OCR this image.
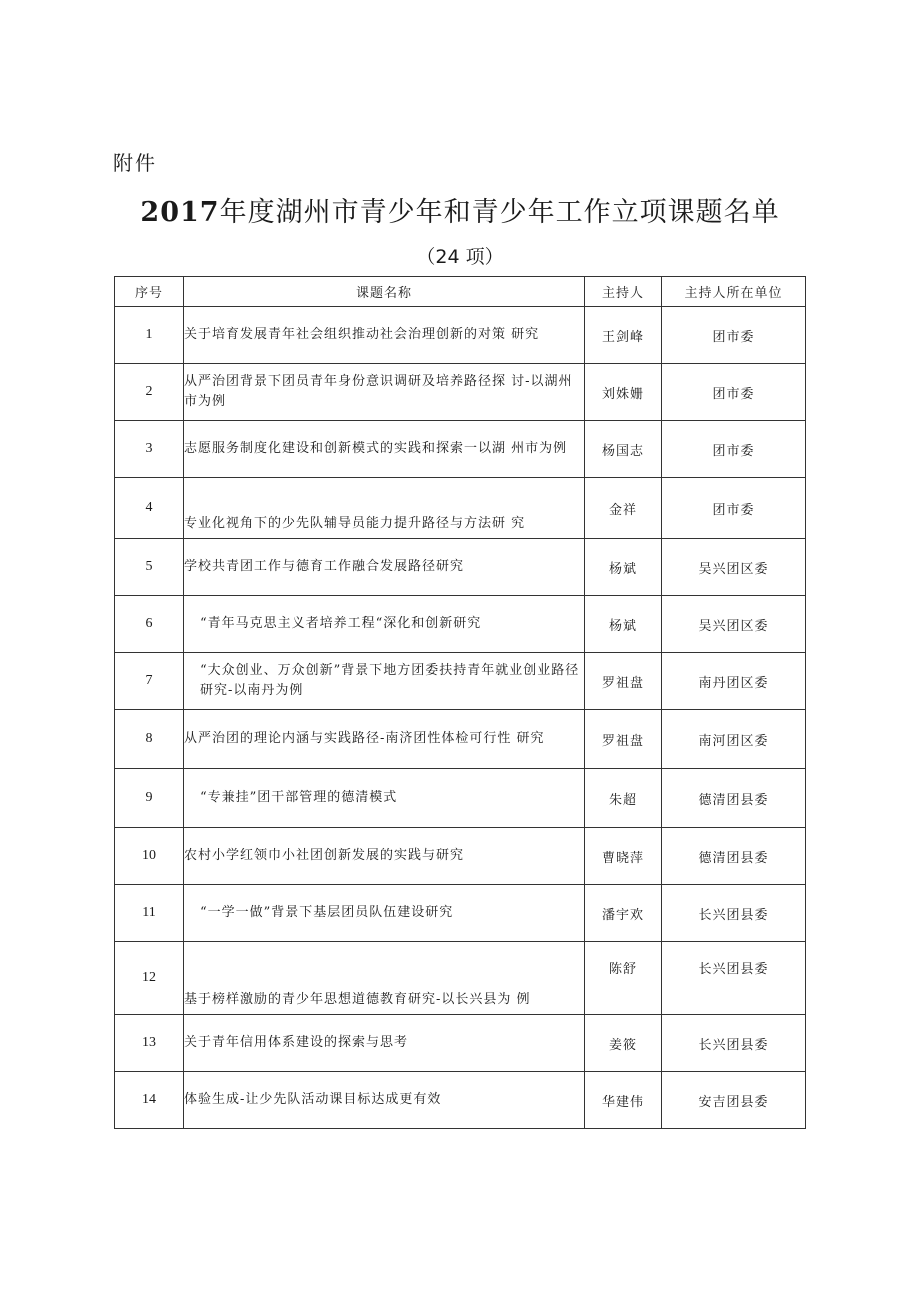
附件
2017年度湖州市青少年和青少年工作立项课题名单
（24 项）
序号	课题名称	主持人	主持人所在单位
1	关于培育发展青年社会组织推动社会治理创新的对策 研究	王剑峰	团市委
2	从严治团背景下团员青年身份意识调研及培养路径探 讨-以湖州市为例	刘姝姗	团市委
3	志愿服务制度化建设和创新模式的实践和探索一以湖 州市为例	杨国志	团市委
4	专业化视角下的少先队辅导员能力提升路径与方法研 究	金祥	团市委
5	学校共青团工作与德育工作融合发展路径研究	杨斌	吴兴团区委
6	“青年马克思主义者培养工程“深化和创新研究	杨斌	吴兴团区委
7	“大众创业、万众创新”背景下地方团委扶持青年就业创业路径研究-以南丹为例	罗祖盘	南丹团区委
8	从严治团的理论内涵与实践路径-南济团性体检可行性 研究	罗祖盘	南河团区委
9	“专兼挂”团干部管理的德清模式	朱超	德清团县委
10	农村小学红领巾小社团创新发展的实践与研究	曹晓萍	德清团县委
11	“一学一做”背景下基层团员队伍建设研究	潘宇欢	长兴团县委
12	基于榜样激励的青少年思想道德教育研究-以长兴县为 例	陈舒	长兴团县委
13	关于青年信用体系建设的探索与思考	姜筱	长兴团县委
14	体验生成-让少先队活动课目标达成更有效	华建伟	安吉团县委
